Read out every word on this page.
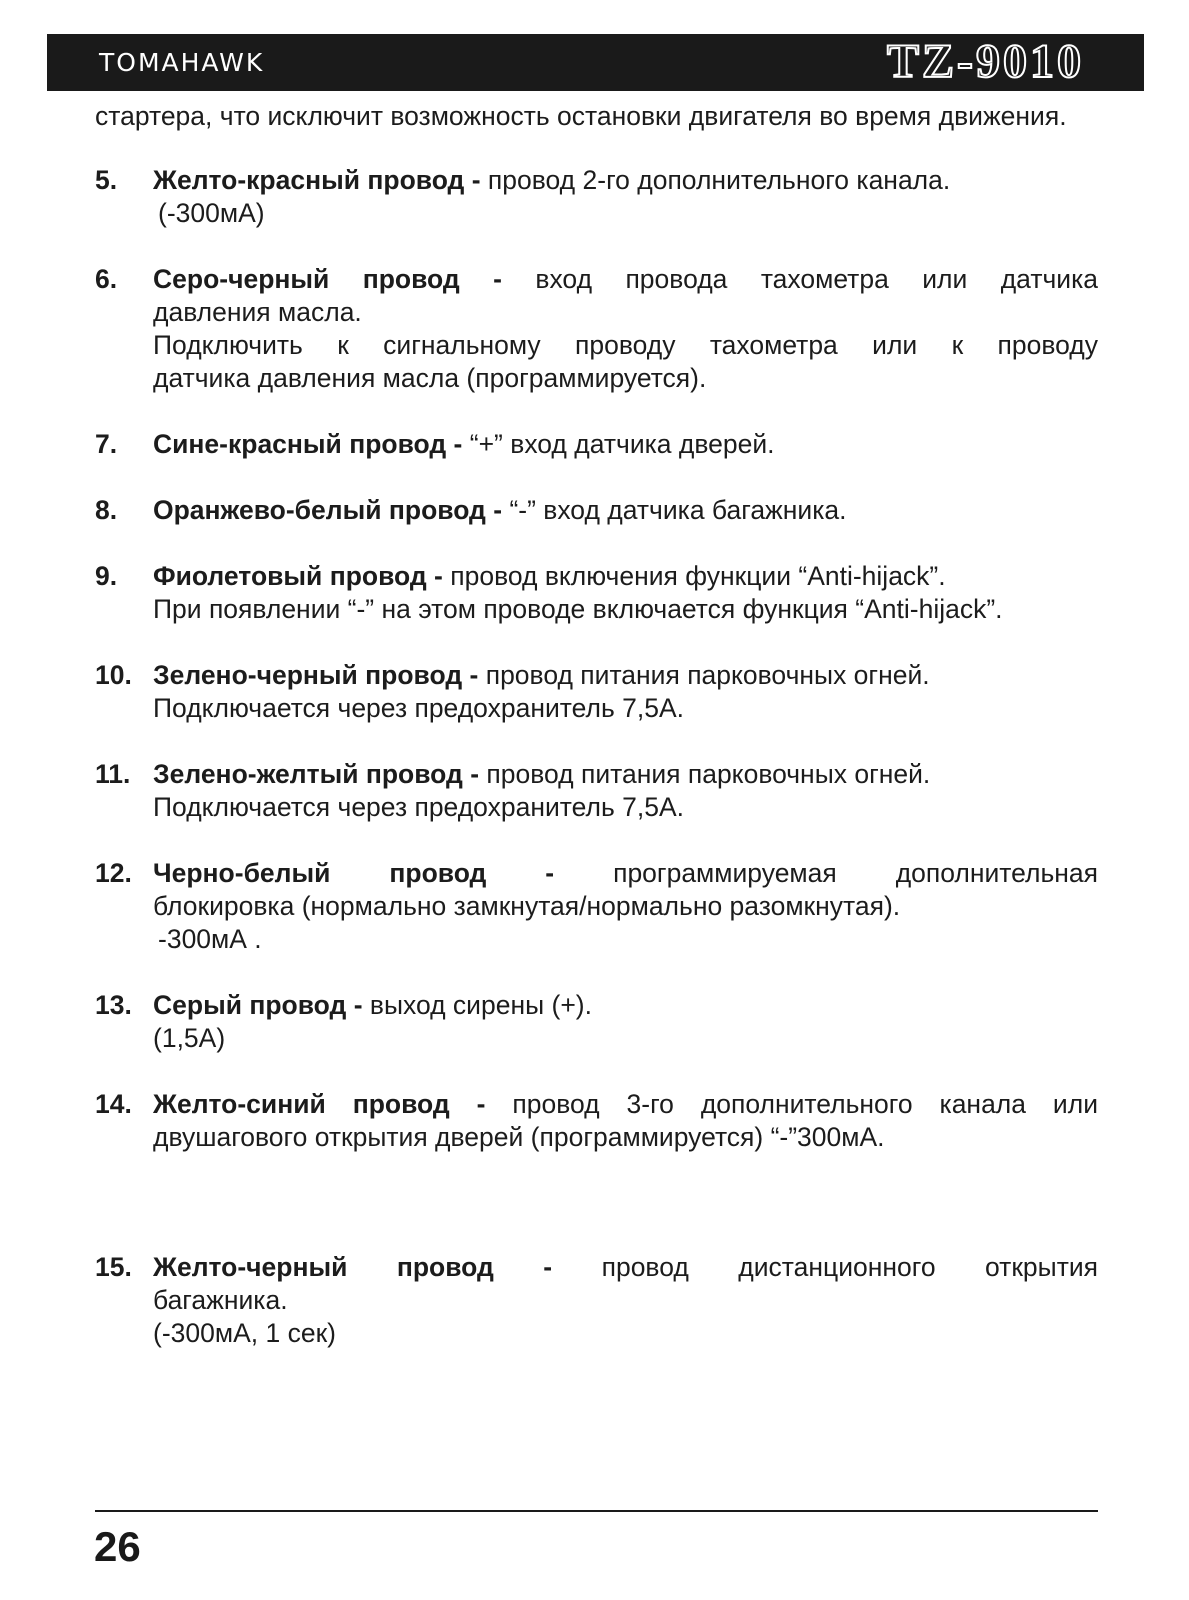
TOMAHAWK	TZ-9010

стартера, что исключит возможность остановки двигателя во время движения.

5. Желто-красный провод - провод 2-го дополнительного канала.
(-300мА)
6. Серо-черный провод - вход провода тахометра или датчика
давления масла.
Подключить к сигнальному проводу тахометра или к проводу
датчика давления масла (программируется).
7. Сине-красный провод - “+” вход датчика дверей.
8. Оранжево-белый провод - “-” вход датчика багажника.
9. Фиолетовый провод - провод включения функции “Anti-hijack”.
При появлении “-” на этом проводе включается функция “Anti-hijack”.
10. Зелено-черный провод - провод питания парковочных огней.
Подключается через предохранитель 7,5А.
11. Зелено-желтый провод - провод питания парковочных огней.
Подключается через предохранитель 7,5А.
12. Черно-белый провод - программируемая дополнительная
блокировка (нормально замкнутая/нормально разомкнутая).
-300мА .
13. Серый провод - выход сирены (+).
(1,5А)
14. Желто-синий провод - провод 3-го дополнительного канала или
двушагового открытия дверей (программируется) “-”300мА.
15. Желто-черный провод - провод дистанционного открытия
багажника.
(-300мА, 1 сек)
26
